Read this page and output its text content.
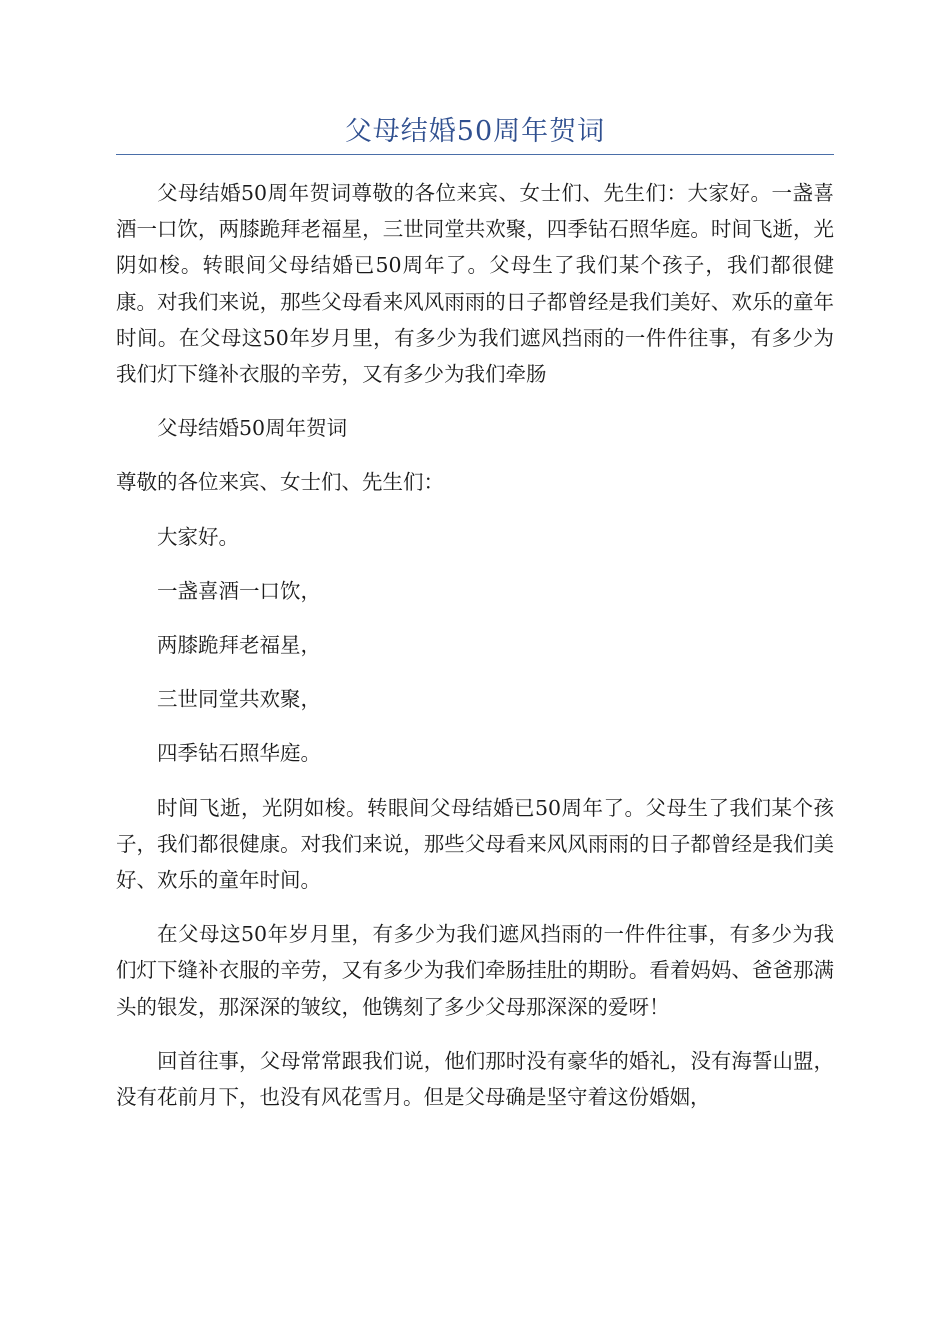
父母结婚50周年贺词

父母结婚50周年贺词尊敬的各位来宾、女士们、先生们：大家好。一盏喜酒一口饮，两膝跪拜老福星，三世同堂共欢聚，四季钻石照华庭。时间飞逝，光阴如梭。转眼间父母结婚已50周年了。父母生了我们某个孩子，我们都很健康。对我们来说，那些父母看来风风雨雨的日子都曾经是我们美好、欢乐的童年时间。在父母这50年岁月里，有多少为我们遮风挡雨的一件件往事，有多少为我们灯下缝补衣服的辛劳，又有多少为我们牵肠

父母结婚50周年贺词

尊敬的各位来宾、女士们、先生们：

大家好。

一盏喜酒一口饮，

两膝跪拜老福星，

三世同堂共欢聚，

四季钻石照华庭。

时间飞逝，光阴如梭。转眼间父母结婚已50周年了。父母生了我们某个孩子，我们都很健康。对我们来说，那些父母看来风风雨雨的日子都曾经是我们美好、欢乐的童年时间。

在父母这50年岁月里，有多少为我们遮风挡雨的一件件往事，有多少为我们灯下缝补衣服的辛劳，又有多少为我们牵肠挂肚的期盼。看着妈妈、爸爸那满头的银发，那深深的皱纹，他镌刻了多少父母那深深的爱呀！

回首往事，父母常常跟我们说，他们那时没有豪华的婚礼，没有海誓山盟，没有花前月下，也没有风花雪月。但是父母确是坚守着这份婚姻，
